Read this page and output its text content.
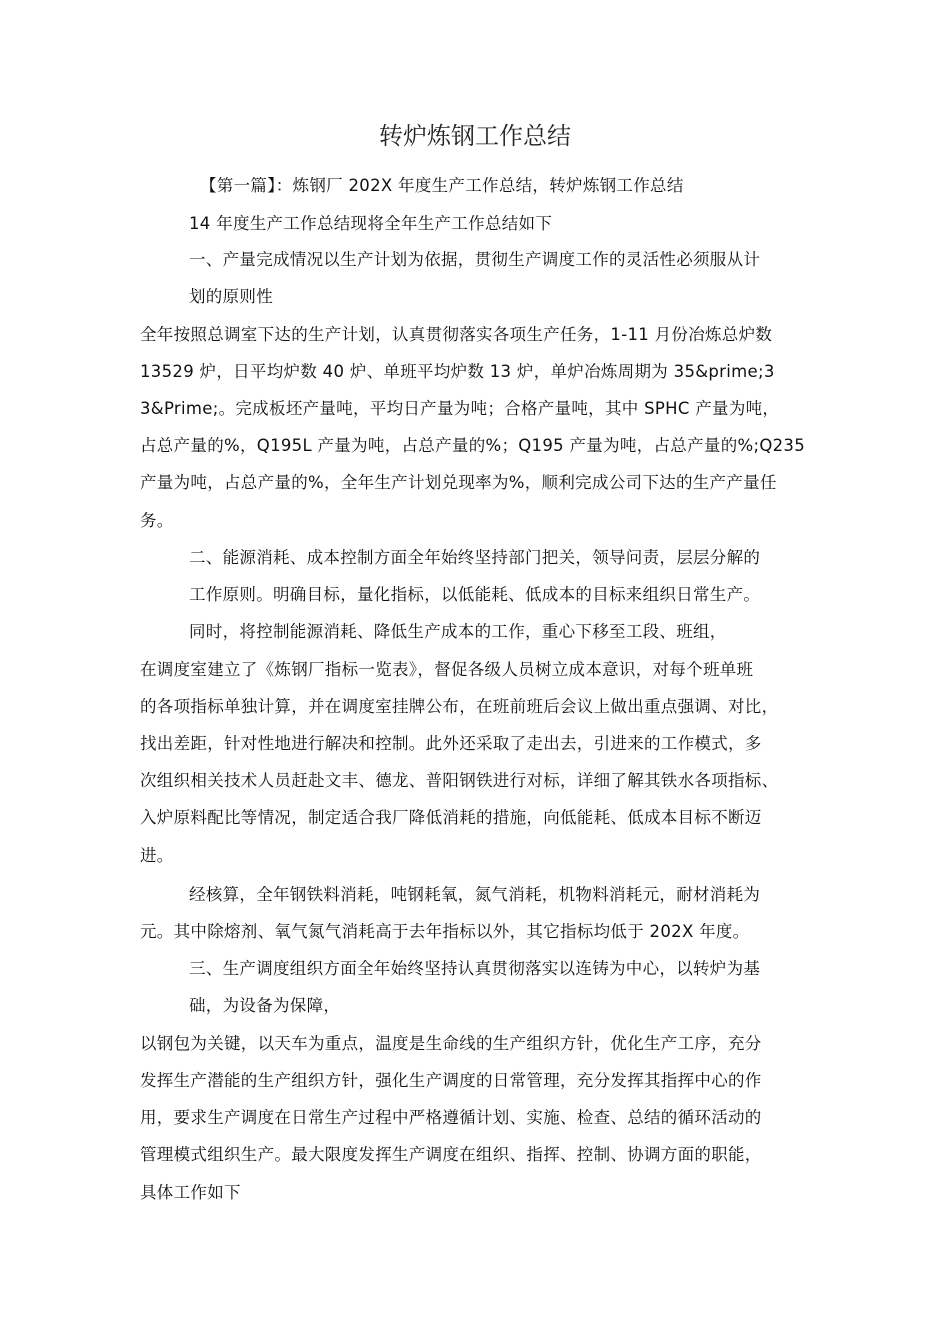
转炉炼钢工作总结
【第一篇】：炼钢厂 202X 年度生产工作总结，转炉炼钢工作总结
14 年度生产工作总结现将全年生产工作总结如下
一、产量完成情况以生产计划为依据，贯彻生产调度工作的灵活性必须服从计
划的原则性
全年按照总调室下达的生产计划，认真贯彻落实各项生产任务，1-11 月份冶炼总炉数
13529 炉，日平均炉数 40 炉、单班平均炉数 13 炉，单炉冶炼周期为 35&prime;3
3&Prime;。完成板坯产量吨，平均日产量为吨；合格产量吨，其中 SPHC 产量为吨，
占总产量的%，Q195L 产量为吨，占总产量的%；Q195 产量为吨，占总产量的%;Q235
产量为吨，占总产量的%，全年生产计划兑现率为%，顺利完成公司下达的生产产量任
务。
二、能源消耗、成本控制方面全年始终坚持部门把关，领导问责，层层分解的
工作原则。明确目标，量化指标，以低能耗、低成本的目标来组织日常生产。
同时，将控制能源消耗、降低生产成本的工作，重心下移至工段、班组，
在调度室建立了《炼钢厂指标一览表》，督促各级人员树立成本意识，对每个班单班
的各项指标单独计算，并在调度室挂牌公布，在班前班后会议上做出重点强调、对比，
找出差距，针对性地进行解决和控制。此外还采取了走出去，引进来的工作模式，多
次组织相关技术人员赶赴文丰、德龙、普阳钢铁进行对标，详细了解其铁水各项指标、
入炉原料配比等情况，制定适合我厂降低消耗的措施，向低能耗、低成本目标不断迈
进。
经核算，全年钢铁料消耗，吨钢耗氧，氮气消耗，机物料消耗元，耐材消耗为
元。其中除熔剂、氧气氮气消耗高于去年指标以外，其它指标均低于 202X 年度。
三、生产调度组织方面全年始终坚持认真贯彻落实以连铸为中心，以转炉为基
础，为设备为保障，
以钢包为关键，以天车为重点，温度是生命线的生产组织方针，优化生产工序，充分
发挥生产潜能的生产组织方针，强化生产调度的日常管理，充分发挥其指挥中心的作
用，要求生产调度在日常生产过程中严格遵循计划、实施、检查、总结的循环活动的
管理模式组织生产。最大限度发挥生产调度在组织、指挥、控制、协调方面的职能，
具体工作如下
